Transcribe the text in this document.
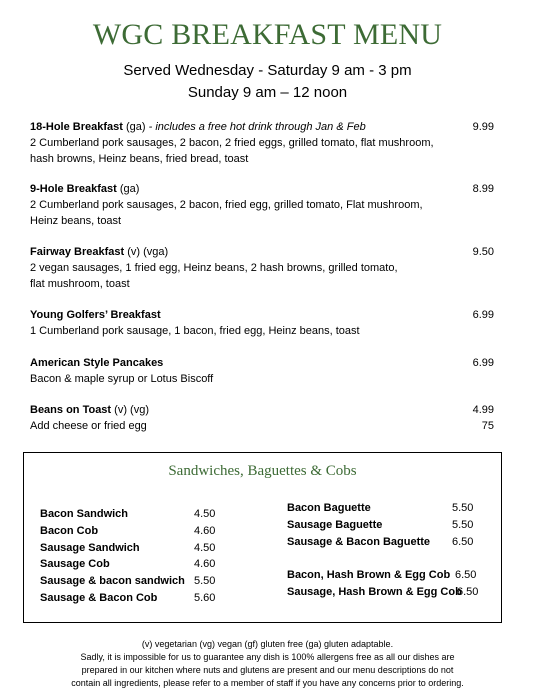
WGC BREAKFAST MENU
Served Wednesday - Saturday 9 am - 3 pm
Sunday 9 am – 12 noon
18-Hole Breakfast (ga) - includes a free hot drink through Jan & Feb
2 Cumberland pork sausages, 2 bacon, 2 fried eggs, grilled tomato, flat mushroom,
hash browns, Heinz beans, fried bread, toast
9.99
9-Hole Breakfast (ga)
2 Cumberland pork sausages, 2 bacon, fried egg, grilled tomato, Flat mushroom,
Heinz beans, toast
8.99
Fairway Breakfast (v) (vga)
2 vegan sausages, 1 fried egg, Heinz beans, 2 hash browns, grilled tomato,
flat mushroom, toast
9.50
Young Golfers’ Breakfast
1 Cumberland pork sausage, 1 bacon, fried egg, Heinz beans, toast
6.99
American Style Pancakes
Bacon & maple syrup or Lotus Biscoff
6.99
Beans on Toast (v) (vg)
Add cheese or fried egg
4.99
75
Sandwiches, Baguettes & Cobs
Bacon Sandwich	4.50
Bacon Cob	4.60
Sausage Sandwich	4.50
Sausage Cob	4.60
Sausage & bacon sandwich 5.50
Sausage & Bacon Cob	5.60
Bacon Baguette	5.50
Sausage Baguette	5.50
Sausage & Bacon Baguette 6.50
Bacon, Hash Brown & Egg Cob 6.50
Sausage, Hash Brown & Egg Cob
6.50
(v) vegetarian (vg) vegan (gf) gluten free (ga) gluten adaptable.
Sadly, it is impossible for us to guarantee any dish is 100% allergens free as all our dishes are
prepared in our kitchen where nuts and glutens are present and our menu descriptions do not
contain all ingredients, please refer to a member of staff if you have any concerns prior to ordering.
